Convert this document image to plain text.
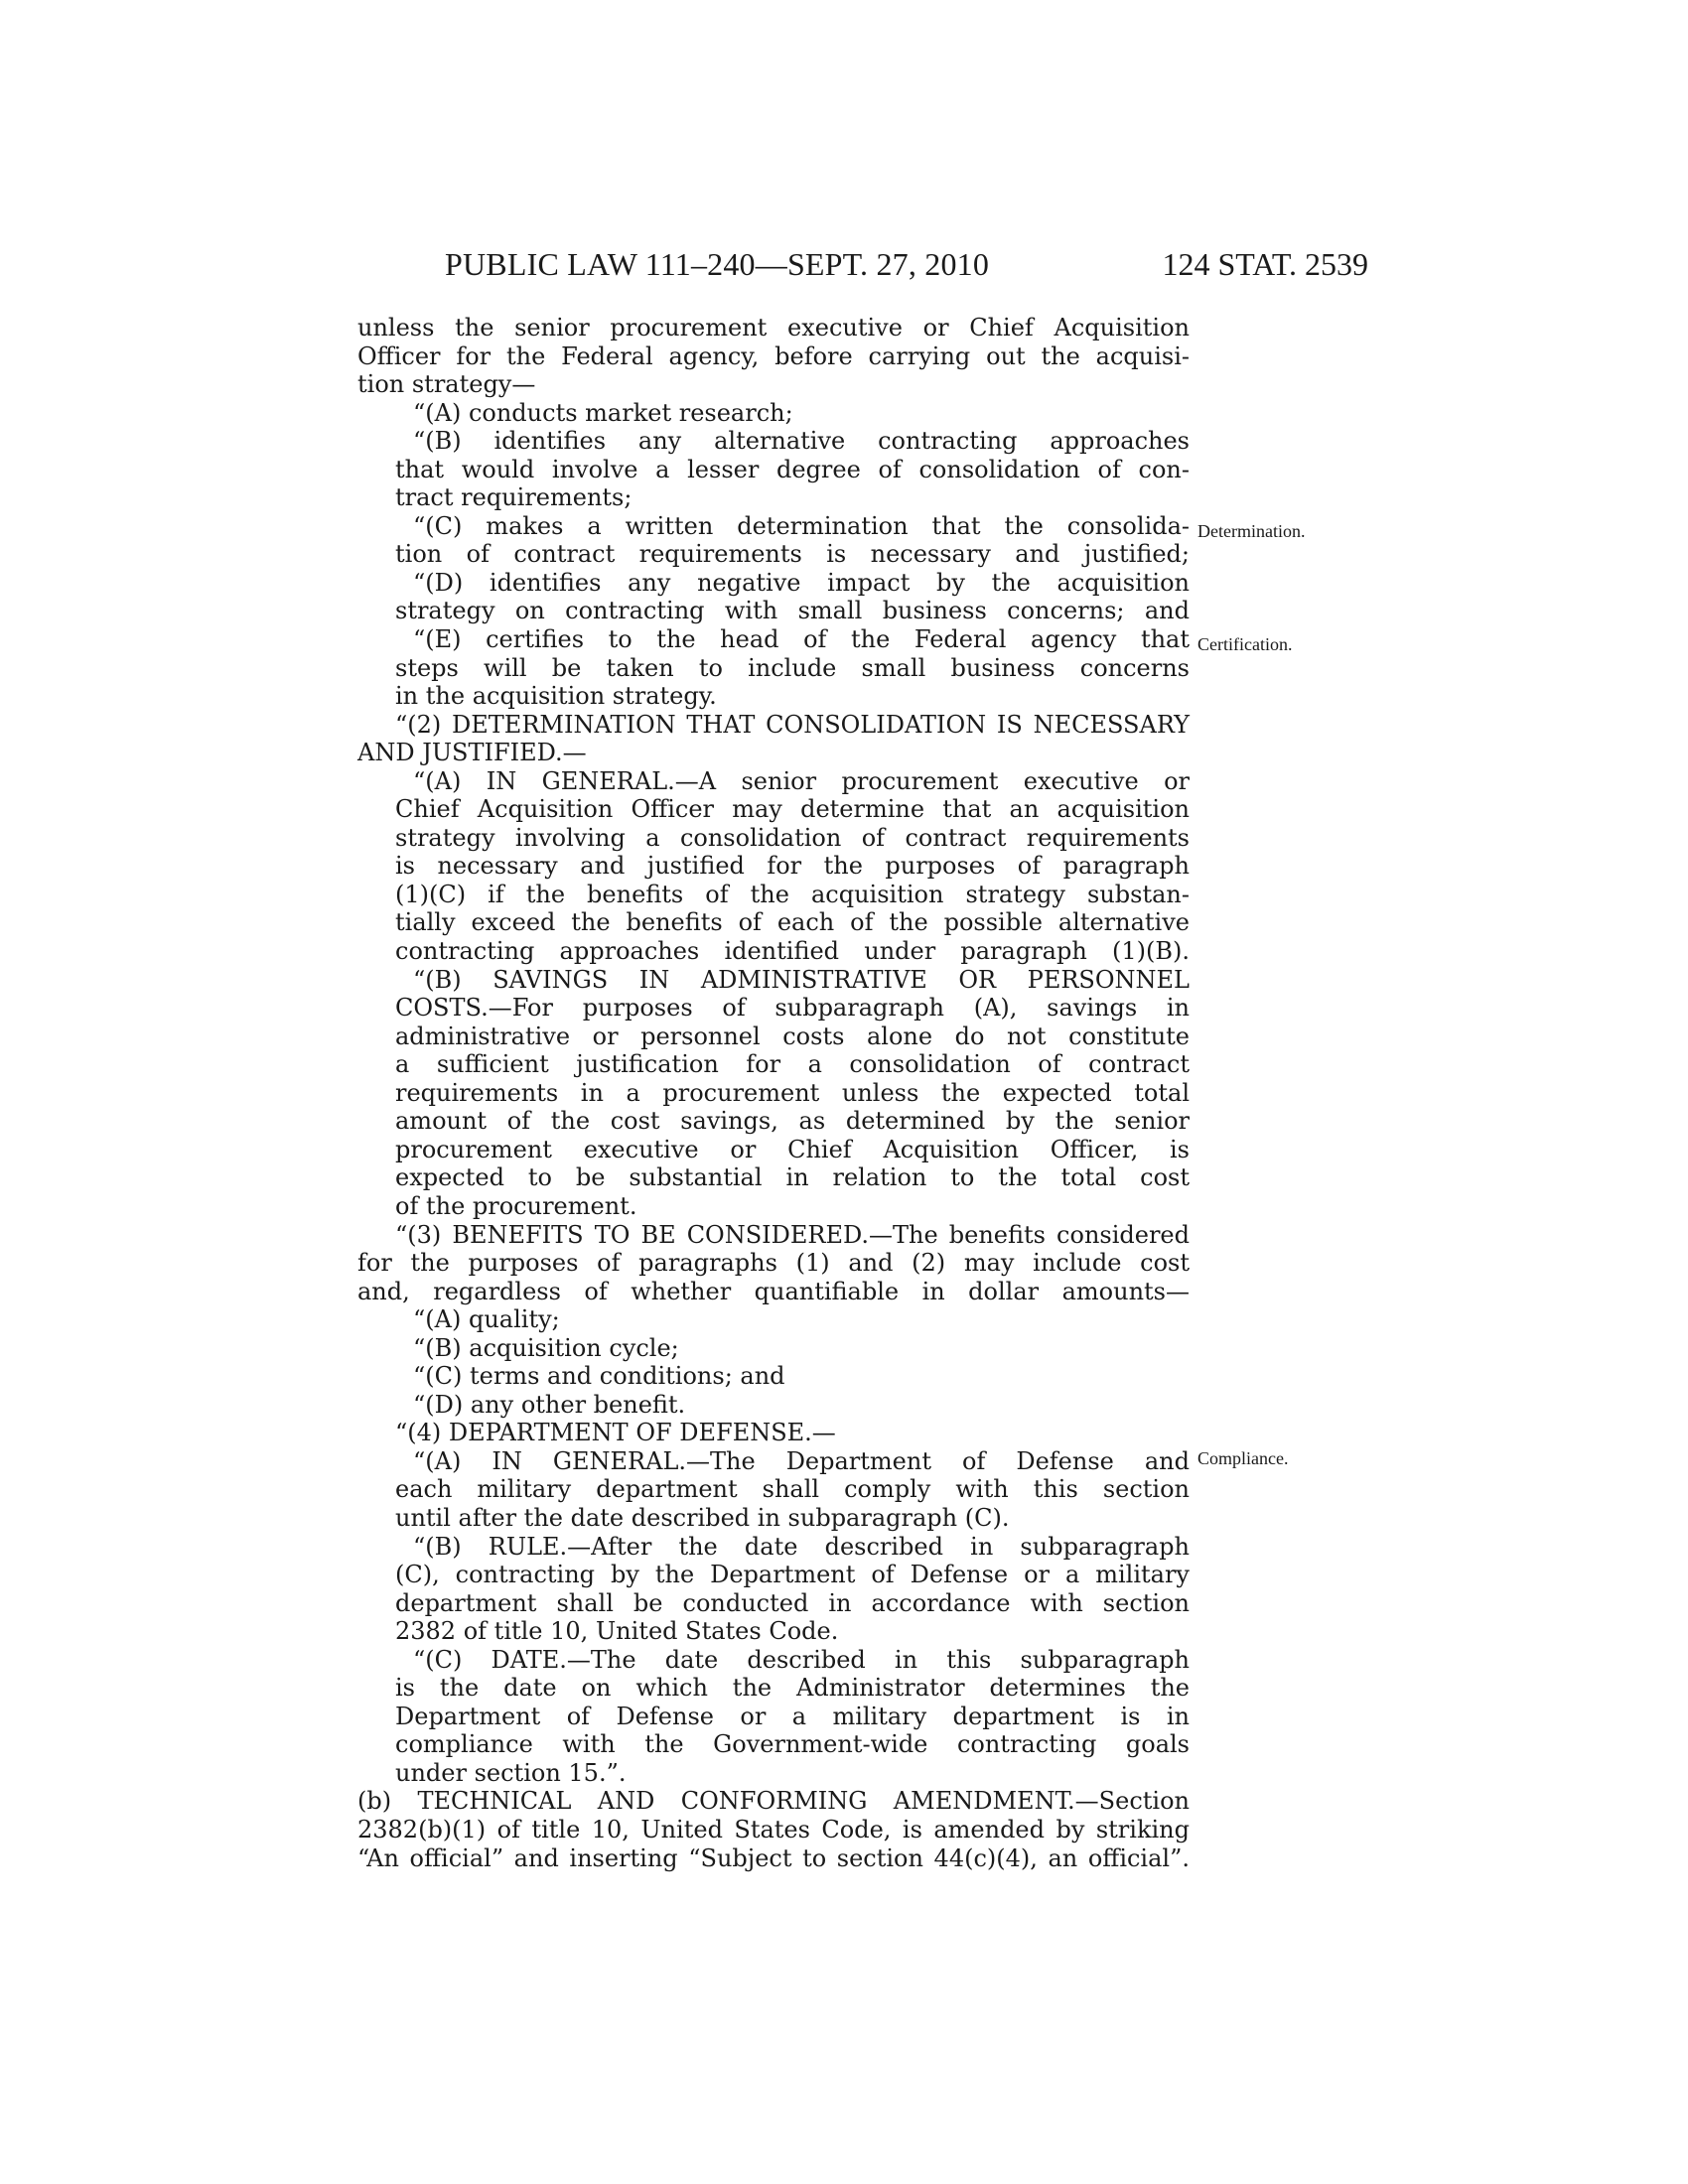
PUBLIC LAW 111–240—SEPT. 27, 2010	124 STAT. 2539
unless the senior procurement executive or Chief Acquisition
Officer for the Federal agency, before carrying out the acquisi-
tion strategy—
“(A) conducts market research;
“(B) identifies any alternative contracting approaches
that would involve a lesser degree of consolidation of con-
tract requirements;
“(C) makes a written determination that the consolida-
tion of contract requirements is necessary and justified;
“(D) identifies any negative impact by the acquisition
strategy on contracting with small business concerns; and
“(E) certifies to the head of the Federal agency that
steps will be taken to include small business concerns
in the acquisition strategy.
“(2) DETERMINATION THAT CONSOLIDATION IS NECESSARY
AND JUSTIFIED.—
“(A) IN GENERAL.—A senior procurement executive or
Chief Acquisition Officer may determine that an acquisition
strategy involving a consolidation of contract requirements
is necessary and justified for the purposes of paragraph
(1)(C) if the benefits of the acquisition strategy substan-
tially exceed the benefits of each of the possible alternative
contracting approaches identified under paragraph (1)(B).
“(B) SAVINGS IN ADMINISTRATIVE OR PERSONNEL
COSTS.—For purposes of subparagraph (A), savings in
administrative or personnel costs alone do not constitute
a sufficient justification for a consolidation of contract
requirements in a procurement unless the expected total
amount of the cost savings, as determined by the senior
procurement executive or Chief Acquisition Officer, is
expected to be substantial in relation to the total cost
of the procurement.
“(3) BENEFITS TO BE CONSIDERED.—The benefits considered
for the purposes of paragraphs (1) and (2) may include cost
and, regardless of whether quantifiable in dollar amounts—
“(A) quality;
“(B) acquisition cycle;
“(C) terms and conditions; and
“(D) any other benefit.
“(4) DEPARTMENT OF DEFENSE.—
“(A) IN GENERAL.—The Department of Defense and
each military department shall comply with this section
until after the date described in subparagraph (C).
“(B) RULE.—After the date described in subparagraph
(C), contracting by the Department of Defense or a military
department shall be conducted in accordance with section
2382 of title 10, United States Code.
“(C) DATE.—The date described in this subparagraph
is the date on which the Administrator determines the
Department of Defense or a military department is in
compliance with the Government-wide contracting goals
under section 15.”.
(b) TECHNICAL AND CONFORMING AMENDMENT.—Section
2382(b)(1) of title 10, United States Code, is amended by striking
“An official” and inserting “Subject to section 44(c)(4), an official”.
Determination.
Certification.
Compliance.
